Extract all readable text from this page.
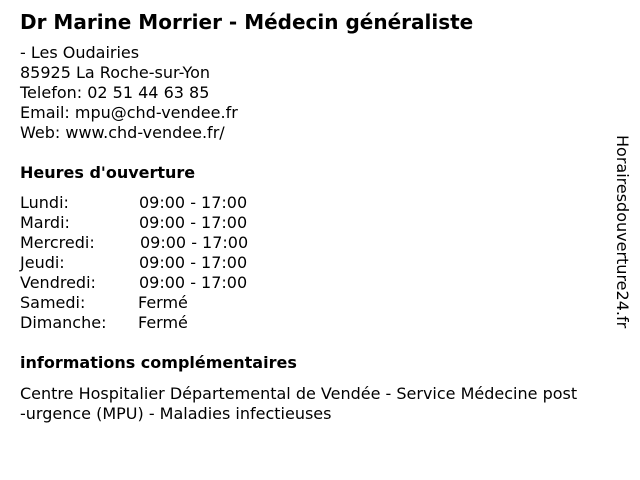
Dr Marine Morrier - Médecin généraliste
- Les Oudairies
85925 La Roche-sur-Yon
Telefon: 02 51 44 63 85
Email: mpu@chd-vendee.fr
Web: www.chd-vendee.fr/
Heures d'ouverture
Lundi:	09:00 - 17:00
Mardi:	09:00 - 17:00
Mercredi:	09:00 - 17:00
Jeudi:	09:00 - 17:00
Vendredi:	09:00 - 17:00
Samedi:	Fermé
Dimanche: Fermé
informations complémentaires
Centre Hospitalier Départemental de Vendée - Service Médecine post
-urgence (MPU) - Maladies infectieuses
Horairesdouverture24.fr
